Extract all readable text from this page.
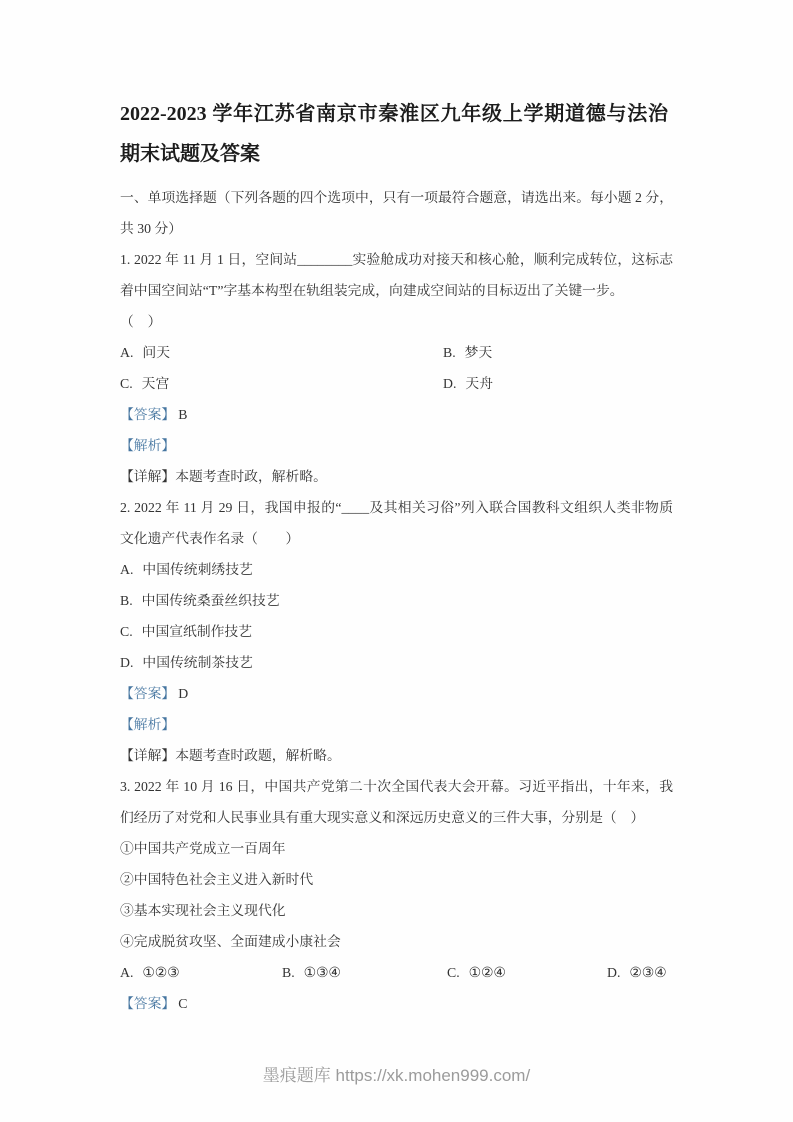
2022-2023 学年江苏省南京市秦淮区九年级上学期道德与法治期末试题及答案

一、单项选择题（下列各题的四个选项中，只有一项最符合题意，请选出来。每小题 2 分，共 30 分）

1. 2022 年 11 月 1 日，空间站________实验舱成功对接天和核心舱，顺利完成转位，这标志着中国空间站“T”字基本构型在轨组装完成，向建成空间站的目标迈出了关键一步。

（　）

A. 问天	B. 梦天

C. 天宫	D. 天舟

【答案】 B

【解析】

【详解】本题考查时政，解析略。

2. 2022 年 11 月 29 日，我国申报的“____及其相关习俗”列入联合国教科文组织人类非物质文化遗产代表作名录（　　）

A. 中国传统刺绣技艺

B. 中国传统桑蚕丝织技艺

C. 中国宣纸制作技艺

D. 中国传统制茶技艺

【答案】 D

【解析】

【详解】本题考查时政题，解析略。

3. 2022 年 10 月 16 日，中国共产党第二十次全国代表大会开幕。习近平指出，十年来，我们经历了对党和人民事业具有重大现实意义和深远历史意义的三件大事，分别是（　）

①中国共产党成立一百周年

②中国特色社会主义进入新时代

③基本实现社会主义现代化

④完成脱贫攻坚、全面建成小康社会

A. ①②③	B. ①③④	C. ①②④	D. ②③④

【答案】 C

墨痕题库 https://xk.mohen999.com/
